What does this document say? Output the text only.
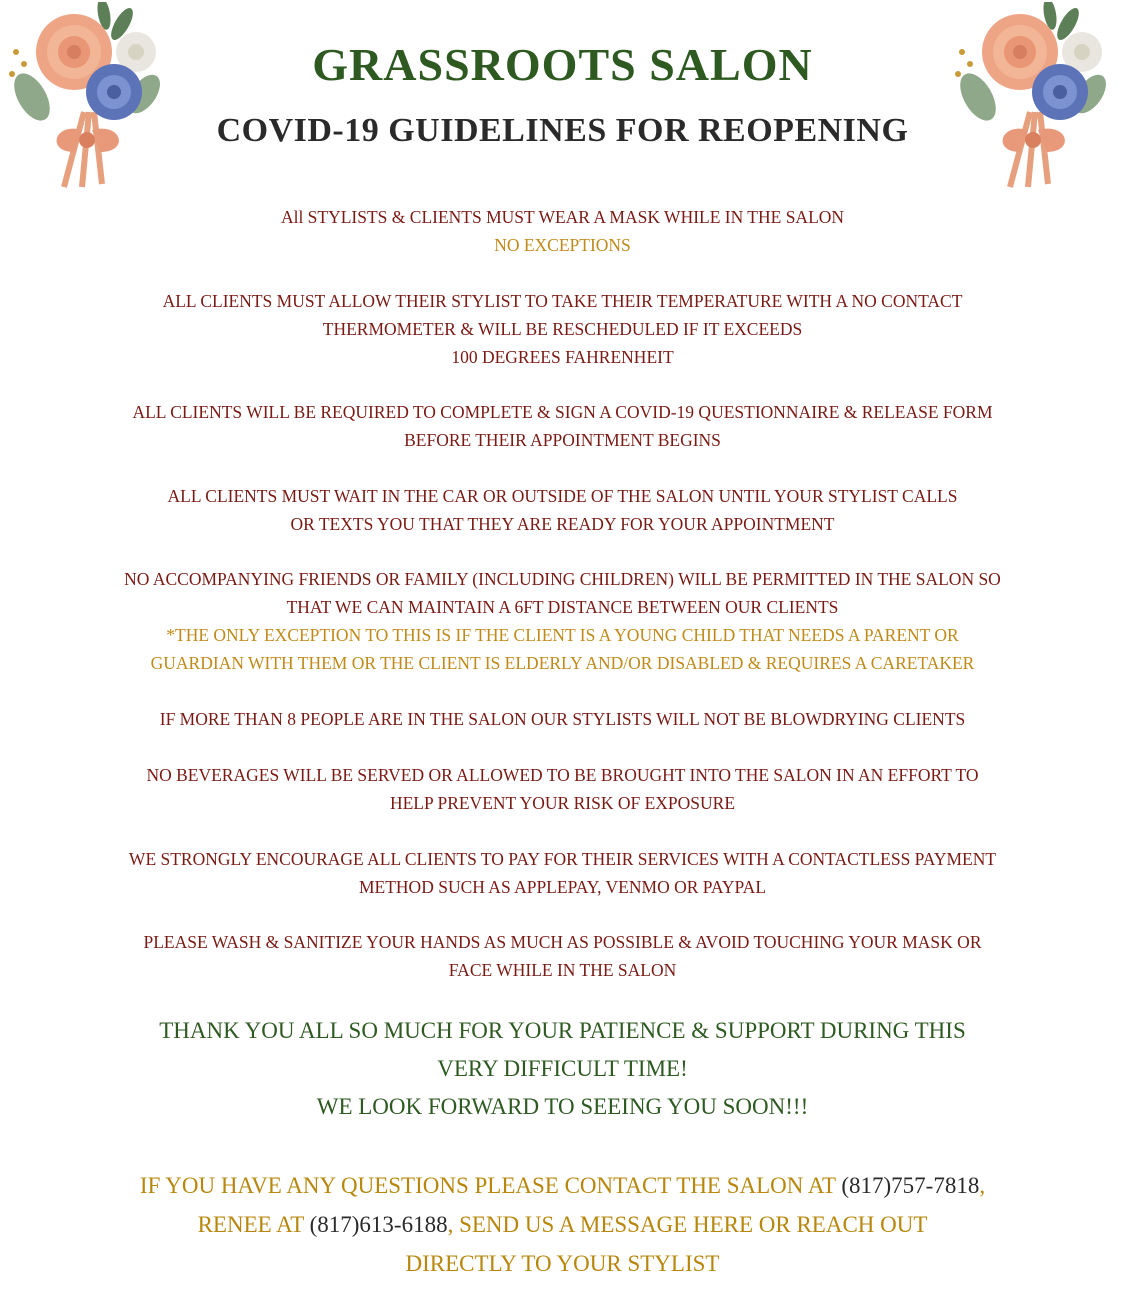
GRASSROOTS SALON
COVID-19 GUIDELINES FOR REOPENING

All STYLISTS & CLIENTS MUST WEAR A MASK WHILE IN THE SALON
NO EXCEPTIONS

ALL CLIENTS MUST ALLOW THEIR STYLIST TO TAKE THEIR TEMPERATURE WITH A NO CONTACT
THERMOMETER & WILL BE RESCHEDULED IF IT EXCEEDS
100 DEGREES FAHRENHEIT

ALL CLIENTS WILL BE REQUIRED TO COMPLETE & SIGN A COVID-19 QUESTIONNAIRE & RELEASE FORM
BEFORE THEIR APPOINTMENT BEGINS

ALL CLIENTS MUST WAIT IN THE CAR OR OUTSIDE OF THE SALON UNTIL YOUR STYLIST CALLS
OR TEXTS YOU THAT THEY ARE READY FOR YOUR APPOINTMENT

NO ACCOMPANYING FRIENDS OR FAMILY (INCLUDING CHILDREN) WILL BE PERMITTED IN THE SALON SO
THAT WE CAN MAINTAIN A 6FT DISTANCE BETWEEN OUR CLIENTS
*THE ONLY EXCEPTION TO THIS IS IF THE CLIENT IS A YOUNG CHILD THAT NEEDS A PARENT OR
GUARDIAN WITH THEM OR THE CLIENT IS ELDERLY AND/OR DISABLED & REQUIRES A CARETAKER

IF MORE THAN 8 PEOPLE ARE IN THE SALON OUR STYLISTS WILL NOT BE BLOWDRYING CLIENTS

NO BEVERAGES WILL BE SERVED OR ALLOWED TO BE BROUGHT INTO THE SALON IN AN EFFORT TO
HELP PREVENT YOUR RISK OF EXPOSURE

WE STRONGLY ENCOURAGE ALL CLIENTS TO PAY FOR THEIR SERVICES WITH A CONTACTLESS PAYMENT
METHOD SUCH AS APPLEPAY, VENMO OR PAYPAL

PLEASE WASH & SANITIZE YOUR HANDS AS MUCH AS POSSIBLE & AVOID TOUCHING YOUR MASK OR
FACE WHILE IN THE SALON

THANK YOU ALL SO MUCH FOR YOUR PATIENCE & SUPPORT DURING THIS
VERY DIFFICULT TIME!
WE LOOK FORWARD TO SEEING YOU SOON!!!

IF YOU HAVE ANY QUESTIONS PLEASE CONTACT THE SALON AT (817)757-7818,
RENEE AT (817)613-6188, SEND US A MESSAGE HERE OR REACH OUT
DIRECTLY TO YOUR STYLIST
